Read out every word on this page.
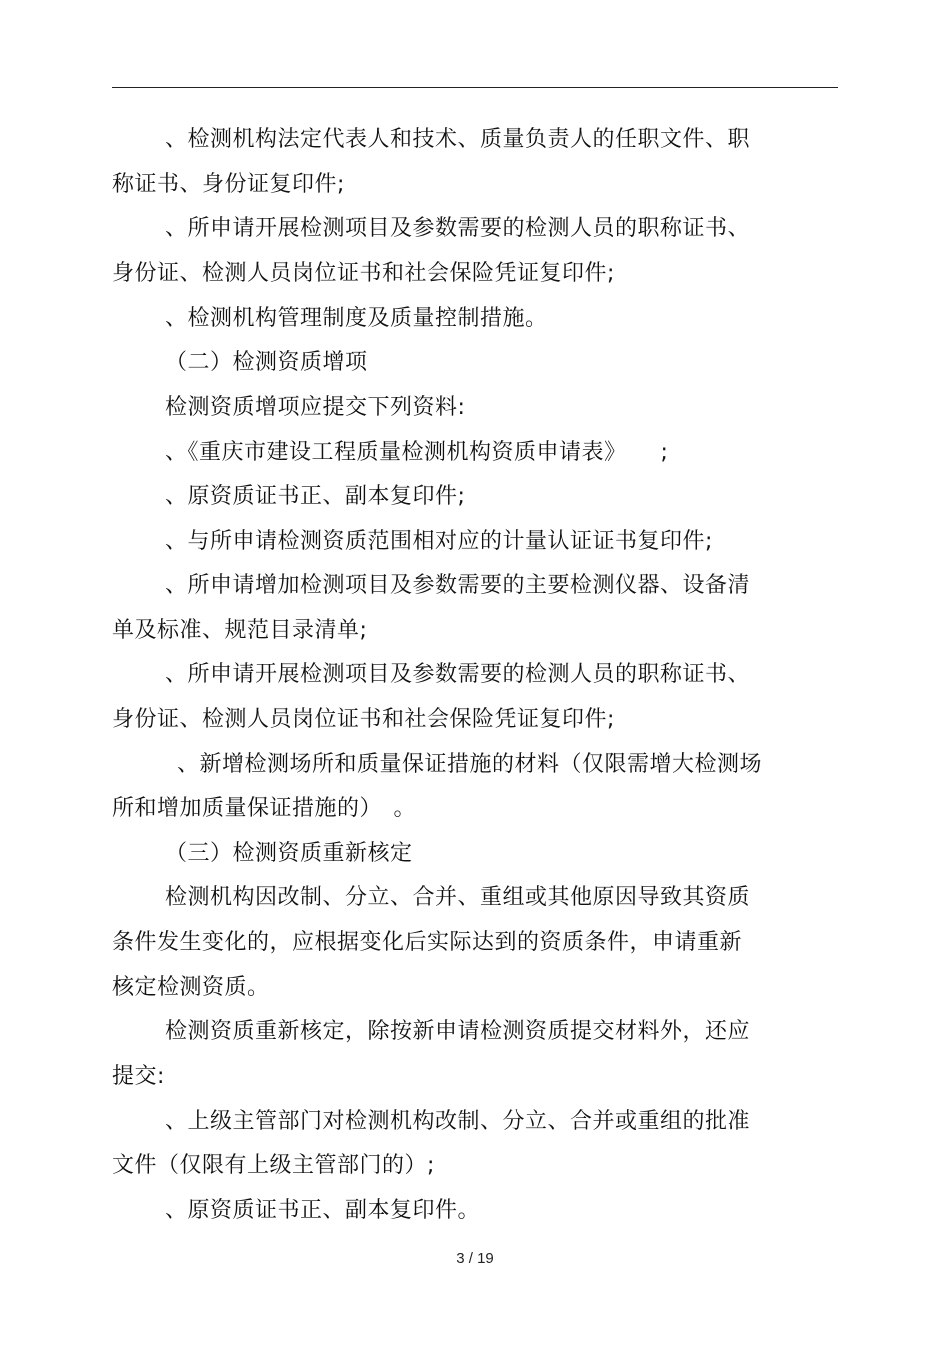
、检测机构法定代表人和技术、质量负责人的任职文件、职
称证书、身份证复印件;
、所申请开展检测项目及参数需要的检测人员的职称证书、
身份证、检测人员岗位证书和社会保险凭证复印件;
、检测机构管理制度及质量控制措施。
（二）检测资质增项
检测资质增项应提交下列资料:
、《重庆市建设工程质量检测机构资质申请表》　　;
、原资质证书正、副本复印件;
、与所申请检测资质范围相对应的计量认证证书复印件;
、所申请增加检测项目及参数需要的主要检测仪器、设备清
单及标准、规范目录清单;
、所申请开展检测项目及参数需要的检测人员的职称证书、
身份证、检测人员岗位证书和社会保险凭证复印件;
、新增检测场所和质量保证措施的材料（仅限需增大检测场
所和增加质量保证措施的）　。
（三）检测资质重新核定
检测机构因改制、分立、合并、重组或其他原因导致其资质
条件发生变化的，应根据变化后实际达到的资质条件，申请重新
核定检测资质。
检测资质重新核定，除按新申请检测资质提交材料外，还应
提交:
、上级主管部门对检测机构改制、分立、合并或重组的批准
文件（仅限有上级主管部门的）;
、原资质证书正、副本复印件。
3 / 19
